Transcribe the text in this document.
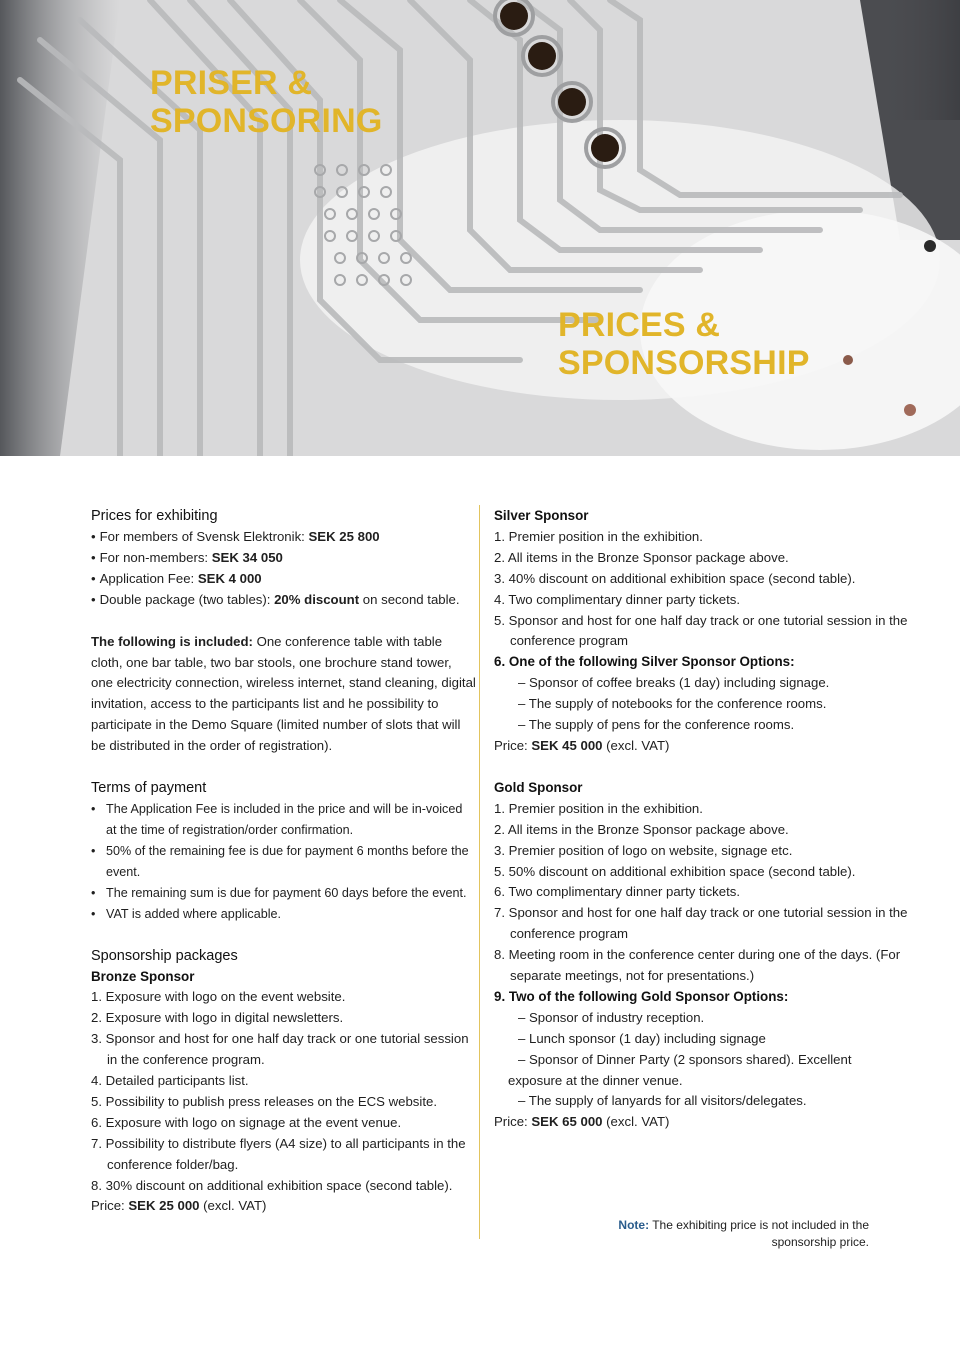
PRISER &
SPONSORING
PRICES &
SPONSORSHIP
Prices for exhibiting
• For members of Svensk Elektronik: SEK 25 800
• For non-members: SEK 34 050
• Application Fee: SEK 4 000
• Double package (two tables): 20% discount on second table.

The following is included: One conference table with table cloth, one bar table, two bar stools, one brochure stand tower, one electricity connection, wireless internet, stand cleaning, digital invitation, access to the participants list and he possibility to participate in the Demo Square (limited number of slots that will be distributed in the order of registration).

Terms of payment
• The Application Fee is included in the price and will be in-voiced at the time of registration/order confirmation.
• 50% of the remaining fee is due for payment 6 months before the event.
• The remaining sum is due for payment 60 days before the event.
• VAT is added where applicable.
Sponsorship packages
Bronze Sponsor
1. Exposure with logo on the event website.
2. Exposure with logo in digital newsletters.
3. Sponsor and host for one half day track or one tutorial session in the conference program.
4. Detailed participants list.
5. Possibility to publish press releases on the ECS website.
6. Exposure with logo on signage at the event venue.
7. Possibility to distribute flyers (A4 size) to all participants in the conference folder/bag.
8. 30% discount on additional exhibition space (second table).

Price: SEK 25 000 (excl. VAT)

Silver Sponsor
1. Premier position in the exhibition.
2. All items in the Bronze Sponsor package above.
3. 40% discount on additional exhibition space (second table).
4. Two complimentary dinner party tickets.
5. Sponsor and host for one half day track or one tutorial session in the conference program
6. One of the following Silver Sponsor Options:
– Sponsor of coffee breaks (1 day) including signage.
– The supply of notebooks for the conference rooms.
– The supply of pens for the conference rooms.

Price: SEK 45 000 (excl. VAT)

Gold Sponsor
1. Premier position in the exhibition.
2. All items in the Bronze Sponsor package above.
3. Premier position of logo on website, signage etc.
5. 50% discount on additional exhibition space (second table).
6. Two complimentary dinner party tickets.
7. Sponsor and host for one half day track or one tutorial session in the conference program
8. Meeting room in the conference center during one of the days. (For separate meetings, not for presentations.)
9. Two of the following Gold Sponsor Options:
– Sponsor of industry reception.
– Lunch sponsor (1 day) including signage
– Sponsor of Dinner Party (2 sponsors shared). Excellent
exposure at the dinner venue.
– The supply of lanyards for all visitors/delegates.

Price: SEK 65 000 (excl. VAT)

Note: The exhibiting price is not included in the sponsorship price.
